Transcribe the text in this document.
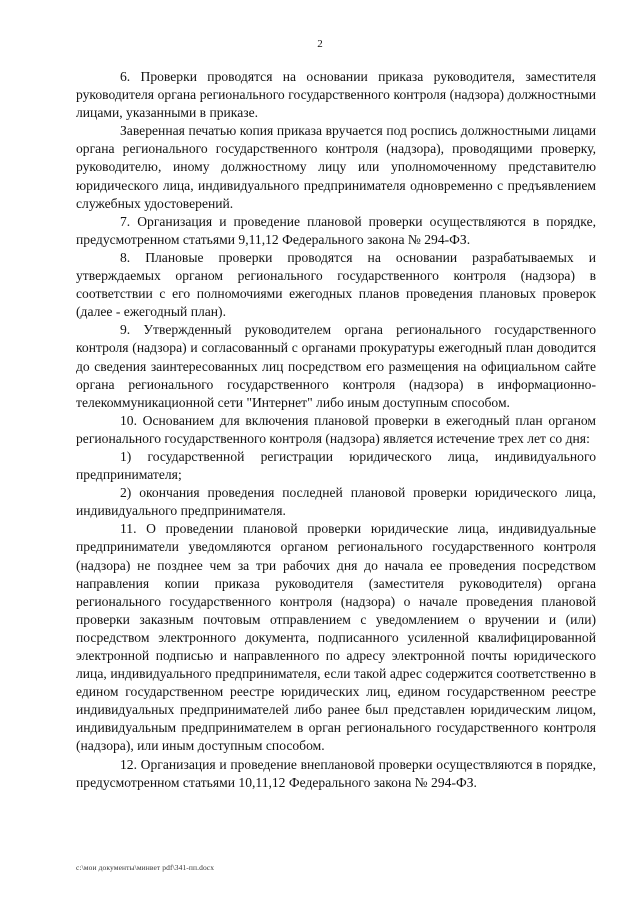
2

6. Проверки проводятся на основании приказа руководителя, заместителя руководителя органа регионального государственного контроля (надзора) должностными лицами, указанными в приказе.

Заверенная печатью копия приказа вручается под роспись должностными лицами органа регионального государственного контроля (надзора), проводящими проверку, руководителю, иному должностному лицу или уполномоченному представителю юридического лица, индивидуального предпринимателя одновременно с предъявлением служебных удостоверений.

7. Организация и проведение плановой проверки осуществляются в порядке, предусмотренном статьями 9,11,12 Федерального закона № 294-ФЗ.

8. Плановые проверки проводятся на основании разрабатываемых и утверждаемых органом регионального государственного контроля (надзора) в соответствии с его полномочиями ежегодных планов проведения плановых проверок (далее - ежегодный план).

9. Утвержденный руководителем органа регионального государственного контроля (надзора) и согласованный с органами прокуратуры ежегодный план доводится до сведения заинтересованных лиц посредством его размещения на официальном сайте органа регионального государственного контроля (надзора) в информационно-телекоммуникационной сети "Интернет" либо иным доступным способом.

10. Основанием для включения плановой проверки в ежегодный план органом регионального государственного контроля (надзора) является истечение трех лет со дня:

1) государственной регистрации юридического лица, индивидуального предпринимателя;

2) окончания проведения последней плановой проверки юридического лица, индивидуального предпринимателя.

11. О проведении плановой проверки юридические лица, индивидуальные предприниматели уведомляются органом регионального государственного контроля (надзора) не позднее чем за три рабочих дня до начала ее проведения посредством направления копии приказа руководителя (заместителя руководителя) органа регионального государственного контроля (надзора) о начале проведения плановой проверки заказным почтовым отправлением с уведомлением о вручении и (или) посредством электронного документа, подписанного усиленной квалифицированной электронной подписью и направленного по адресу электронной почты юридического лица, индивидуального предпринимателя, если такой адрес содержится соответственно в едином государственном реестре юридических лиц, едином государственном реестре индивидуальных предпринимателей либо ранее был представлен юридическим лицом, индивидуальным предпринимателем в орган регионального государственного контроля (надзора), или иным доступным способом.

12. Организация и проведение внеплановой проверки осуществляются в порядке, предусмотренном статьями 10,11,12 Федерального закона № 294-ФЗ.

c:\мои документы\минвет pdf\341-пп.docx
